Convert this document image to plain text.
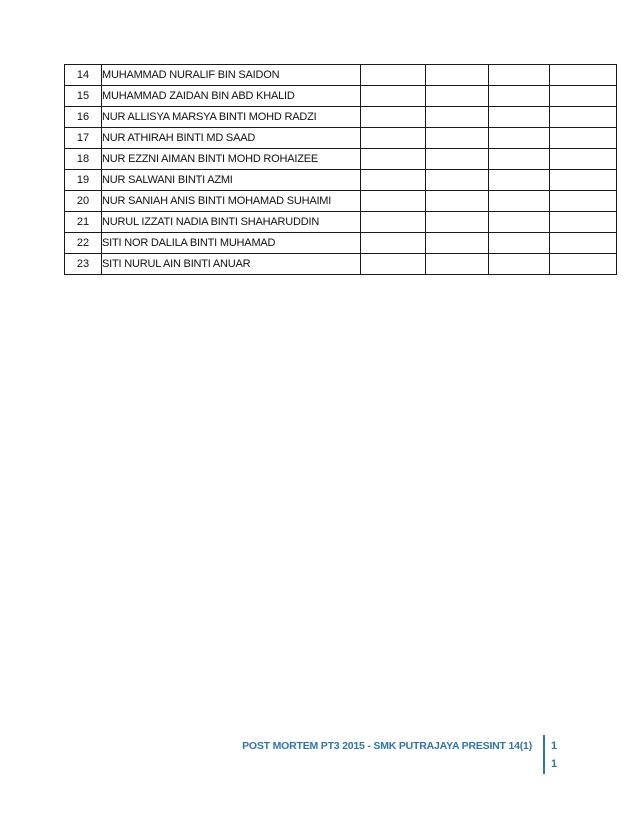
14	MUHAMMAD NURALIF BIN SAIDON				
15	MUHAMMAD ZAIDAN BIN ABD KHALID				
16	NUR ALLISYA MARSYA BINTI MOHD RADZI				
17	NUR ATHIRAH BINTI MD SAAD				
18	NUR EZZNI AIMAN BINTI MOHD ROHAIZEE				
19	NUR SALWANI BINTI AZMI				
20	NUR SANIAH ANIS BINTI MOHAMAD SUHAIMI				
21	NURUL IZZATI NADIA BINTI SHAHARUDDIN				
22	SITI NOR DALILA BINTI MUHAMAD				
23	SITI NURUL AIN BINTI ANUAR				
POST MORTEM PT3 2015 - SMK PUTRAJAYA PRESINT 14(1) 1
1
